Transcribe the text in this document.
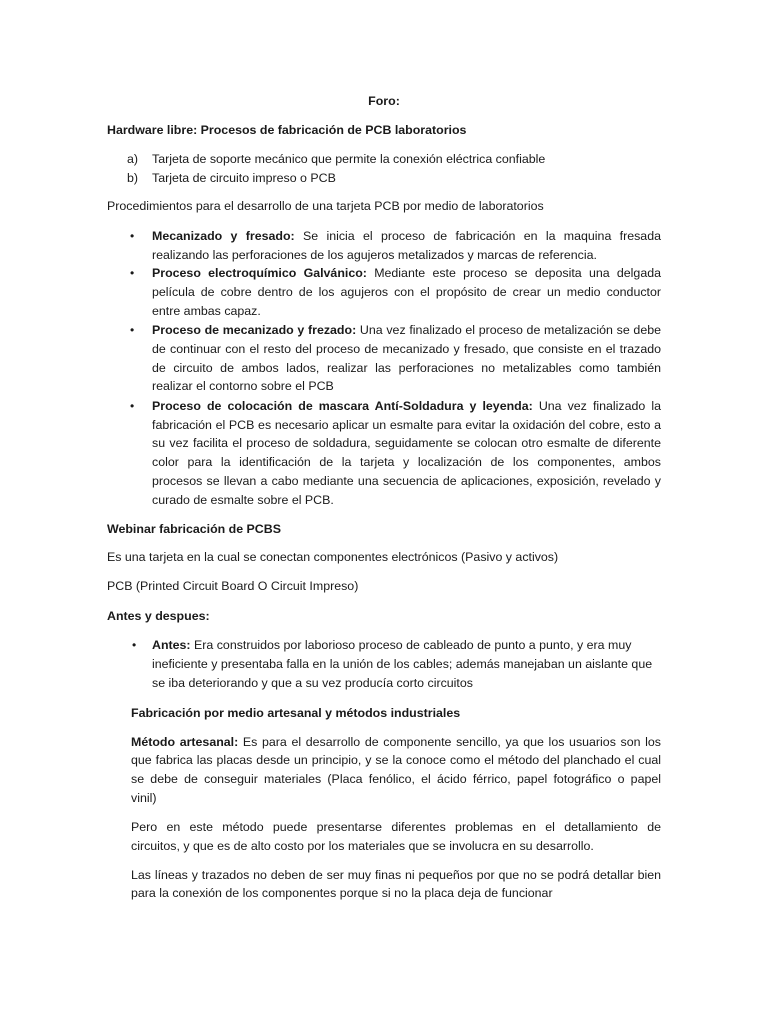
Foro:
Hardware libre: Procesos de fabricación de PCB laboratorios
a) Tarjeta de soporte mecánico que permite la conexión eléctrica confiable
b) Tarjeta de circuito impreso o PCB
Procedimientos para el desarrollo de una tarjeta PCB por medio de laboratorios
• Mecanizado y fresado: Se inicia el proceso de fabricación en la maquina fresada
realizando las perforaciones de los agujeros metalizados y marcas de referencia.
• Proceso electroquímico Galvánico: Mediante este proceso se deposita una delgada
película de cobre dentro de los agujeros con el propósito de crear un medio conductor
entre ambas capaz.
• Proceso de mecanizado y frezado: Una vez finalizado el proceso de metalización se debe
de continuar con el resto del proceso de mecanizado y fresado, que consiste en el trazado
de circuito de ambos lados, realizar las perforaciones no metalizables como también
realizar el contorno sobre el PCB
• Proceso de colocación de mascara Antí-Soldadura y leyenda: Una vez finalizado la
fabricación el PCB es necesario aplicar un esmalte para evitar la oxidación del cobre, esto a
su vez facilita el proceso de soldadura, seguidamente se colocan otro esmalte de diferente
color para la identificación de la tarjeta y localización de los componentes, ambos
procesos se llevan a cabo mediante una secuencia de aplicaciones, exposición, revelado y
curado de esmalte sobre el PCB.
Webinar fabricación de PCBS
Es una tarjeta en la cual se conectan componentes electrónicos (Pasivo y activos)
PCB (Printed Circuit Board O Circuit Impreso)
Antes y despues:
• Antes: Era construidos por laborioso proceso de cableado de punto a punto, y era muy
ineficiente y presentaba falla en la unión de los cables; además manejaban un aislante que
se iba deteriorando y que a su vez producía corto circuitos
Fabricación por medio artesanal y métodos industriales
Método artesanal: Es para el desarrollo de componente sencillo, ya que los usuarios son los
que fabrica las placas desde un principio, y se la conoce como el método del planchado el cual
se debe de conseguir materiales (Placa fenólico, el ácido férrico, papel fotográfico o papel
vinil)
Pero en este método puede presentarse diferentes problemas en el detallamiento de
circuitos, y que es de alto costo por los materiales que se involucra en su desarrollo.
Las líneas y trazados no deben de ser muy finas ni pequeños por que no se podrá detallar bien
para la conexión de los componentes porque si no la placa deja de funcionar
